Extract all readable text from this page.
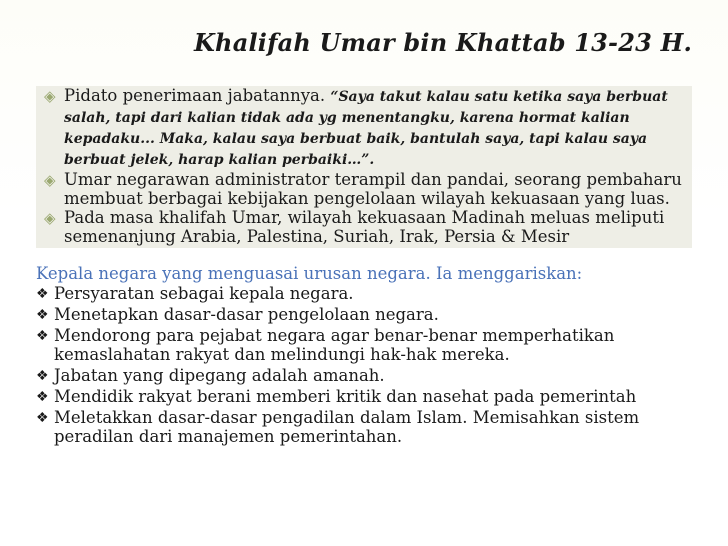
Khalifah Umar bin Khattab 13-23 H.
◈ Pidato penerimaan jabatannya. “Saya takut kalau satu ketika saya berbuat salah, tapi dari kalian tidak ada yg menentangku, karena hormat kalian kepadaku... Maka, kalau saya berbuat baik, bantulah saya, tapi kalau saya berbuat jelek, harap kalian perbaiki…”.
◈ Umar negarawan administrator terampil dan pandai, seorang pembaharu membuat berbagai kebijakan pengelolaan wilayah kekuasaan yang luas.
◈ Pada masa khalifah Umar, wilayah kekuasaan Madinah meluas meliputi semenanjung Arabia, Palestina, Suriah, Irak, Persia & Mesir
Kepala negara yang menguasai urusan negara. Ia menggariskan:
❖ Persyaratan sebagai kepala negara.
❖ Menetapkan dasar-dasar pengelolaan negara.
❖ Mendorong para pejabat negara agar benar-benar memperhatikan kemaslahatan rakyat dan melindungi hak-hak mereka.
❖ Jabatan yang dipegang adalah amanah.
❖ Mendidik rakyat berani memberi kritik dan nasehat pada pemerintah
❖ Meletakkan dasar-dasar pengadilan dalam Islam. Memisahkan sistem peradilan dari manajemen pemerintahan.
